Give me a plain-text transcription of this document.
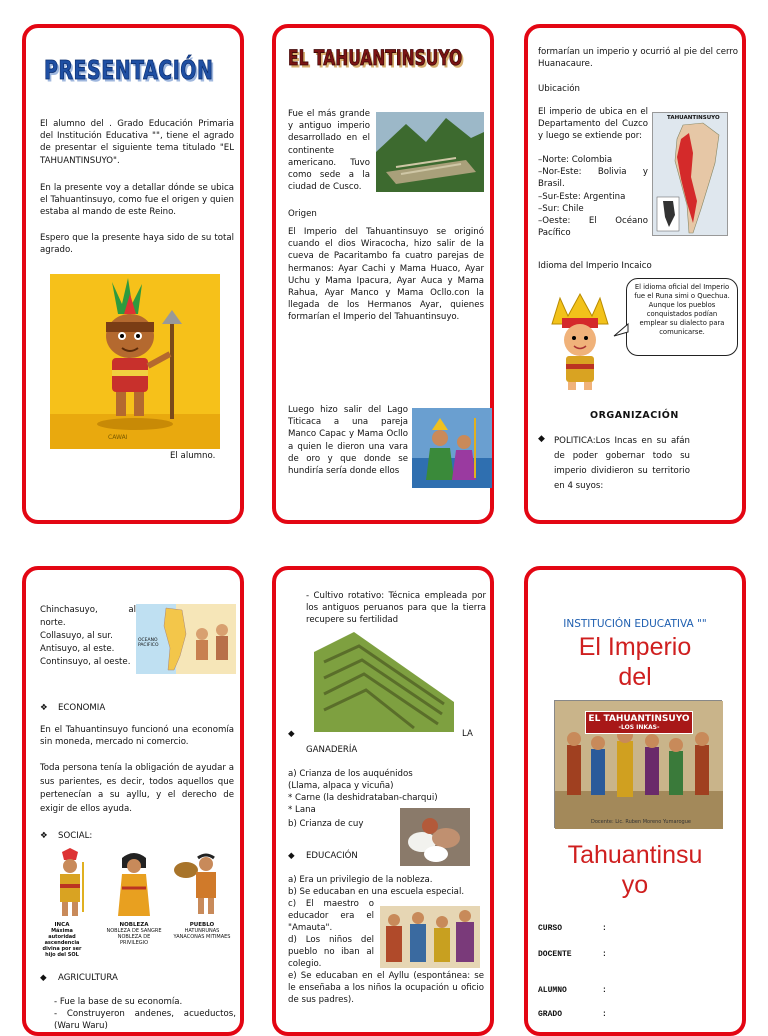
PRESENTACIÓN

El alumno del . Grado Educación Primaria del Institución Educativa "", tiene el agrado de presentar el siguiente tema titulado "EL TAHUANTINSUYO".

En la presente voy a detallar dónde se ubica el Tahuantinsuyo, como fue el origen y quien estaba al mando de este Reino.

Espero que la presente haya sido de su total agrado.

CAWAI
El alumno.
EL TAHUANTINSUYO

Fue el más grande y antiguo imperio desarrollado en el continente americano. Tuvo como sede a la ciudad de Cusco.

Origen

El Imperio del Tahuantinsuyo se originó cuando el dios Wiracocha, hizo salir de la cueva de Pacaritambo fa cuatro parejas de hermanos: Ayar Cachi y Mama Huaco, Ayar Uchu y Mama Ipacura, Ayar Auca y Mama Rahua, Ayar Manco y Mama Ocllo.con la llegada de los Hermanos Ayar, quienes formarían el Imperio del Tahuantinsuyo.

Luego hizo salir del Lago Titicaca a una pareja Manco Capac y Mama Ocllo a quien le dieron una vara de oro y que donde se hundiría sería donde ellos

formarían un imperio y ocurrió al pie del cerro Huanacaure.

Ubicación

El imperio de ubica en el Departamento del Cuzco y luego se extiende por:

–Norte: Colombia
–Nor-Este: Bolivia y Brasil.
–Sur-Este: Argentina
–Sur: Chile
–Oeste: El Océano Pacífico
TAHUANTINSUYO
Idioma del Imperio Incaico
El idioma oficial del Imperio fue el Runa simi o Quechua. Aunque los pueblos conquistados podían emplear su dialecto para comunicarse.
ORGANIZACIÓN
◆ POLITICA:Los Incas en su afán de poder gobernar todo su imperio dividieron su territorio en 4 suyos:

Chinchasuyo, al norte.
Collasuyo, al sur.
Antisuyo, al este.
Continsuyo, al oeste.
OCEANO PACIFICO
❖ ECONOMIA

En el Tahuantinsuyo funcionó una economía sin moneda, mercado ni comercio.

Toda persona tenía la obligación de ayudar a sus parientes, es decir, todos aquellos que pertenecían a su ayllu, y el derecho de exigir de ellos ayuda.

❖ SOCIAL:
INCA
Máxima autoridad ascendencia divina por ser hijo del SOL
NOBLEZA
NOBLEZA DE SANGRE NOBLEZA DE PRIVILEGIO
PUEBLO
HATUNRUNAS YANACONAS MITIMAES
◆ AGRICULTURA
- Fue la base de su economía.
- Construyeron andenes, acueductos, (Waru Waru)

- Cultivo rotativo: Técnica empleada por los antiguos peruanos para que la tierra recupere su fertilidad

◆	LA
GANADERÍA
a) Crianza de los auquénidos
(Llama, alpaca y vicuña)
* Carne (la deshidrataban-charqui)
* Lana
b) Crianza de cuy
◆ EDUCACIÓN
a) Era un privilegio de la nobleza.
b) Se educaban en una escuela especial.

c) El maestro o educador era el "Amauta".

d) Los niños del pueblo no iban al colegio.

e) Se educaban en el Ayllu (espontánea: se le enseñaba a los niños la ocupación u oficio de sus padres).

INSTITUCIÓN EDUCATIVA ""
El Imperio
del
EL TAHUANTINSUYO
-LOS INKAS-
Docente: Lic. Ruben Moreno Yumarogue
Tahuantinsu
yo
CURSO	:
DOCENTE	:
ALUMNO	:
GRADO	:
